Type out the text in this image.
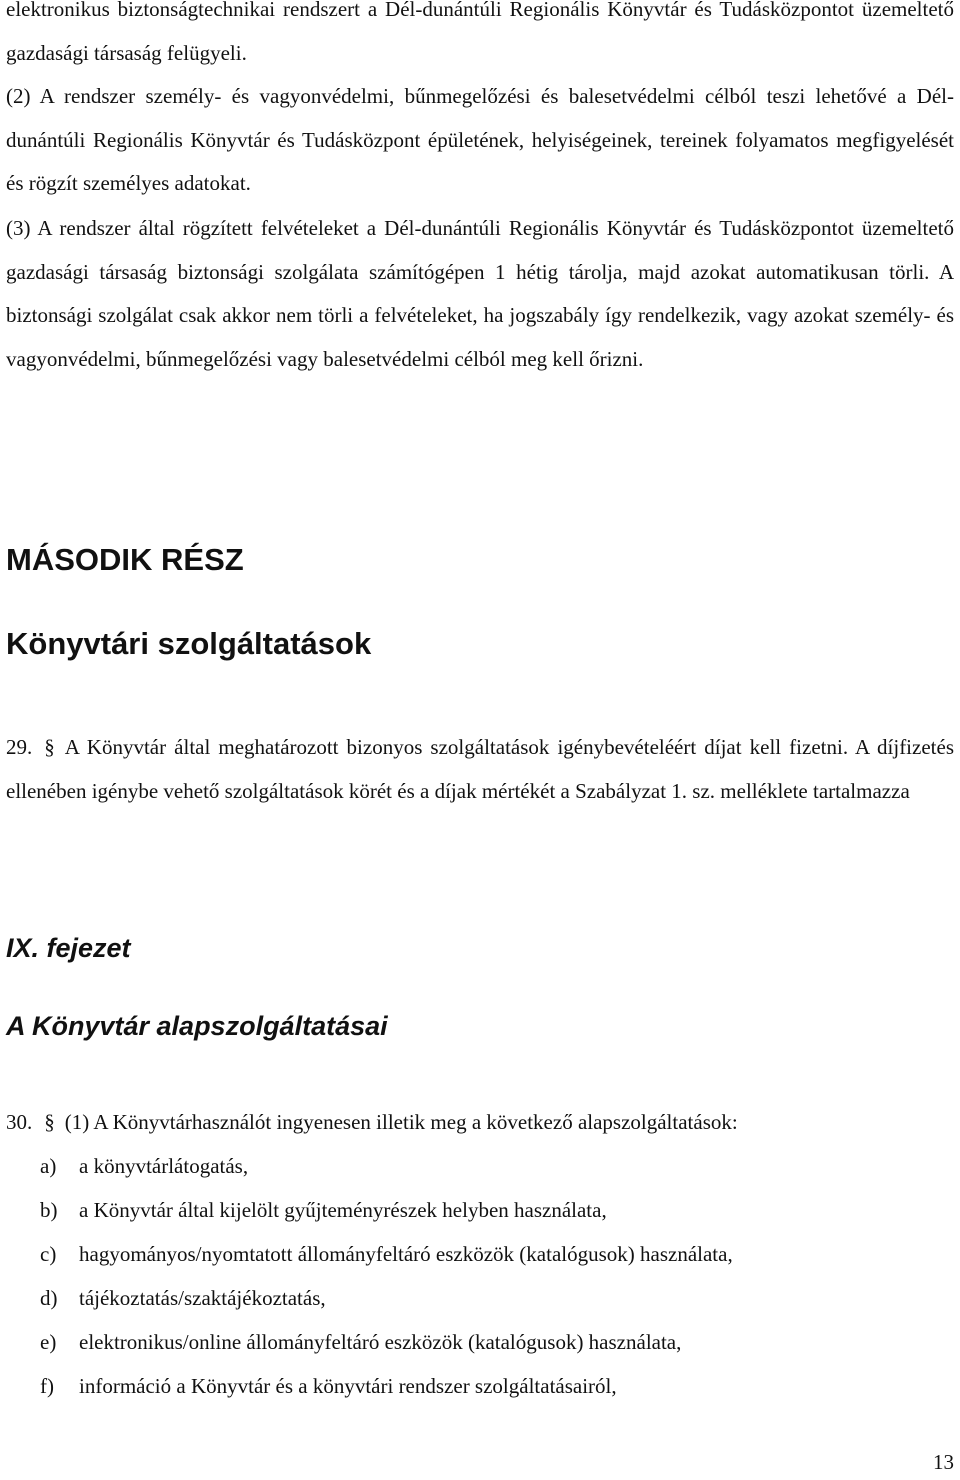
elektronikus biztonságtechnikai rendszert a Dél-dunántúli Regionális Könyvtár és Tudásközpontot üzemeltető gazdasági társaság felügyeli.

(2) A rendszer személy- és vagyonvédelmi, bűnmegelőzési és balesetvédelmi célból teszi lehetővé a Dél-dunántúli Regionális Könyvtár és Tudásközpont épületének, helyiségeinek, tereinek folyamatos megfigyelését és rögzít személyes adatokat.

(3) A rendszer által rögzített felvételeket a Dél-dunántúli Regionális Könyvtár és Tudásközpontot üzemeltető gazdasági társaság biztonsági szolgálata számítógépen 1 hétig tárolja, majd azokat automatikusan törli. A biztonsági szolgálat csak akkor nem törli a felvételeket, ha jogszabály így rendelkezik, vagy azokat személy- és vagyonvédelmi, bűnmegelőzési vagy balesetvédelmi célból meg kell őrizni.

MÁSODIK RÉSZ
Könyvtári szolgáltatások

29. § A Könyvtár által meghatározott bizonyos szolgáltatások igénybevételéért díjat kell fizetni. A díjfizetés ellenében igénybe vehető szolgáltatások körét és a díjak mértékét a Szabályzat 1. sz. melléklete tartalmazza

IX. fejezet
A Könyvtár alapszolgáltatásai

30. § (1) A Könyvtárhasználót ingyenesen illetik meg a következő alapszolgáltatások:

a) a könyvtárlátogatás,
b) a Könyvtár által kijelölt gyűjteményrészek helyben használata,
c) hagyományos/nyomtatott állományfeltáró eszközök (katalógusok) használata,
d) tájékoztatás/szaktájékoztatás,
e) elektronikus/online állományfeltáró eszközök (katalógusok) használata,
f) információ a Könyvtár és a könyvtári rendszer szolgáltatásairól,
13
